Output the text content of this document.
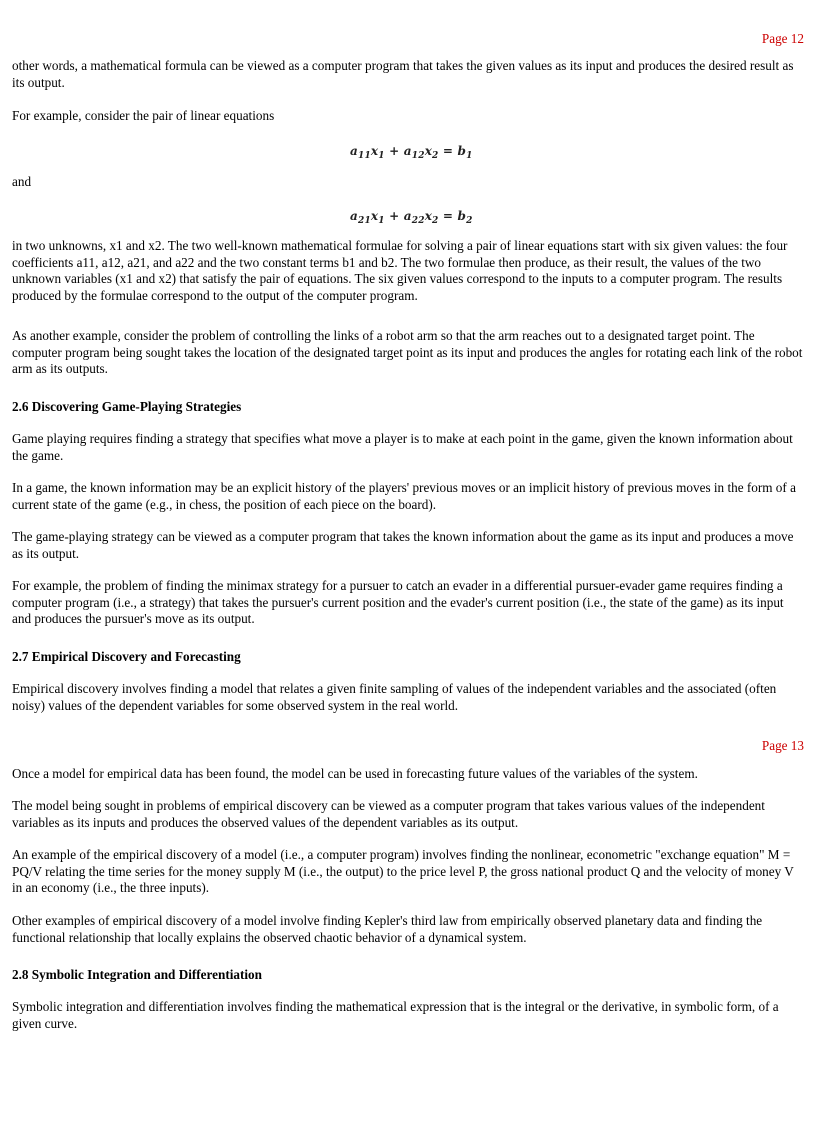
Page 12

other words, a mathematical formula can be viewed as a computer program that takes the given values as its input and produces the desired result as its output.

For example, consider the pair of linear equations

$a_{11}x_1 + a_{12}x_2 = b_1$

and

$a_{21}x_1 + a_{22}x_2 = b_2$

in two unknowns, x1 and x2. The two well-known mathematical formulae for solving a pair of linear equations start with six given values: the four coefficients a11, a12, a21, and a22 and the two constant terms b1 and b2. The two formulae then produce, as their result, the values of the two unknown variables (x1 and x2) that satisfy the pair of equations. The six given values correspond to the inputs to a computer program. The results produced by the formulae correspond to the output of the computer program.

As another example, consider the problem of controlling the links of a robot arm so that the arm reaches out to a designated target point. The computer program being sought takes the location of the designated target point as its input and produces the angles for rotating each link of the robot arm as its outputs.

2.6 Discovering Game-Playing Strategies

Game playing requires finding a strategy that specifies what move a player is to make at each point in the game, given the known information about the game.

In a game, the known information may be an explicit history of the players' previous moves or an implicit history of previous moves in the form of a current state of the game (e.g., in chess, the position of each piece on the board).

The game-playing strategy can be viewed as a computer program that takes the known information about the game as its input and produces a move as its output.

For example, the problem of finding the minimax strategy for a pursuer to catch an evader in a differential pursuer-evader game requires finding a computer program (i.e., a strategy) that takes the pursuer's current position and the evader's current position (i.e., the state of the game) as its input and produces the pursuer's move as its output.

2.7 Empirical Discovery and Forecasting

Empirical discovery involves finding a model that relates a given finite sampling of values of the independent variables and the associated (often noisy) values of the dependent variables for some observed system in the real world.

Page 13

Once a model for empirical data has been found, the model can be used in forecasting future values of the variables of the system.

The model being sought in problems of empirical discovery can be viewed as a computer program that takes various values of the independent variables as its inputs and produces the observed values of the dependent variables as its output.

An example of the empirical discovery of a model (i.e., a computer program) involves finding the nonlinear, econometric "exchange equation" M = PQ/V relating the time series for the money supply M (i.e., the output) to the price level P, the gross national product Q and the velocity of money V in an economy (i.e., the three inputs).

Other examples of empirical discovery of a model involve finding Kepler's third law from empirically observed planetary data and finding the functional relationship that locally explains the observed chaotic behavior of a dynamical system.

2.8 Symbolic Integration and Differentiation

Symbolic integration and differentiation involves finding the mathematical expression that is the integral or the derivative, in symbolic form, of a given curve.
